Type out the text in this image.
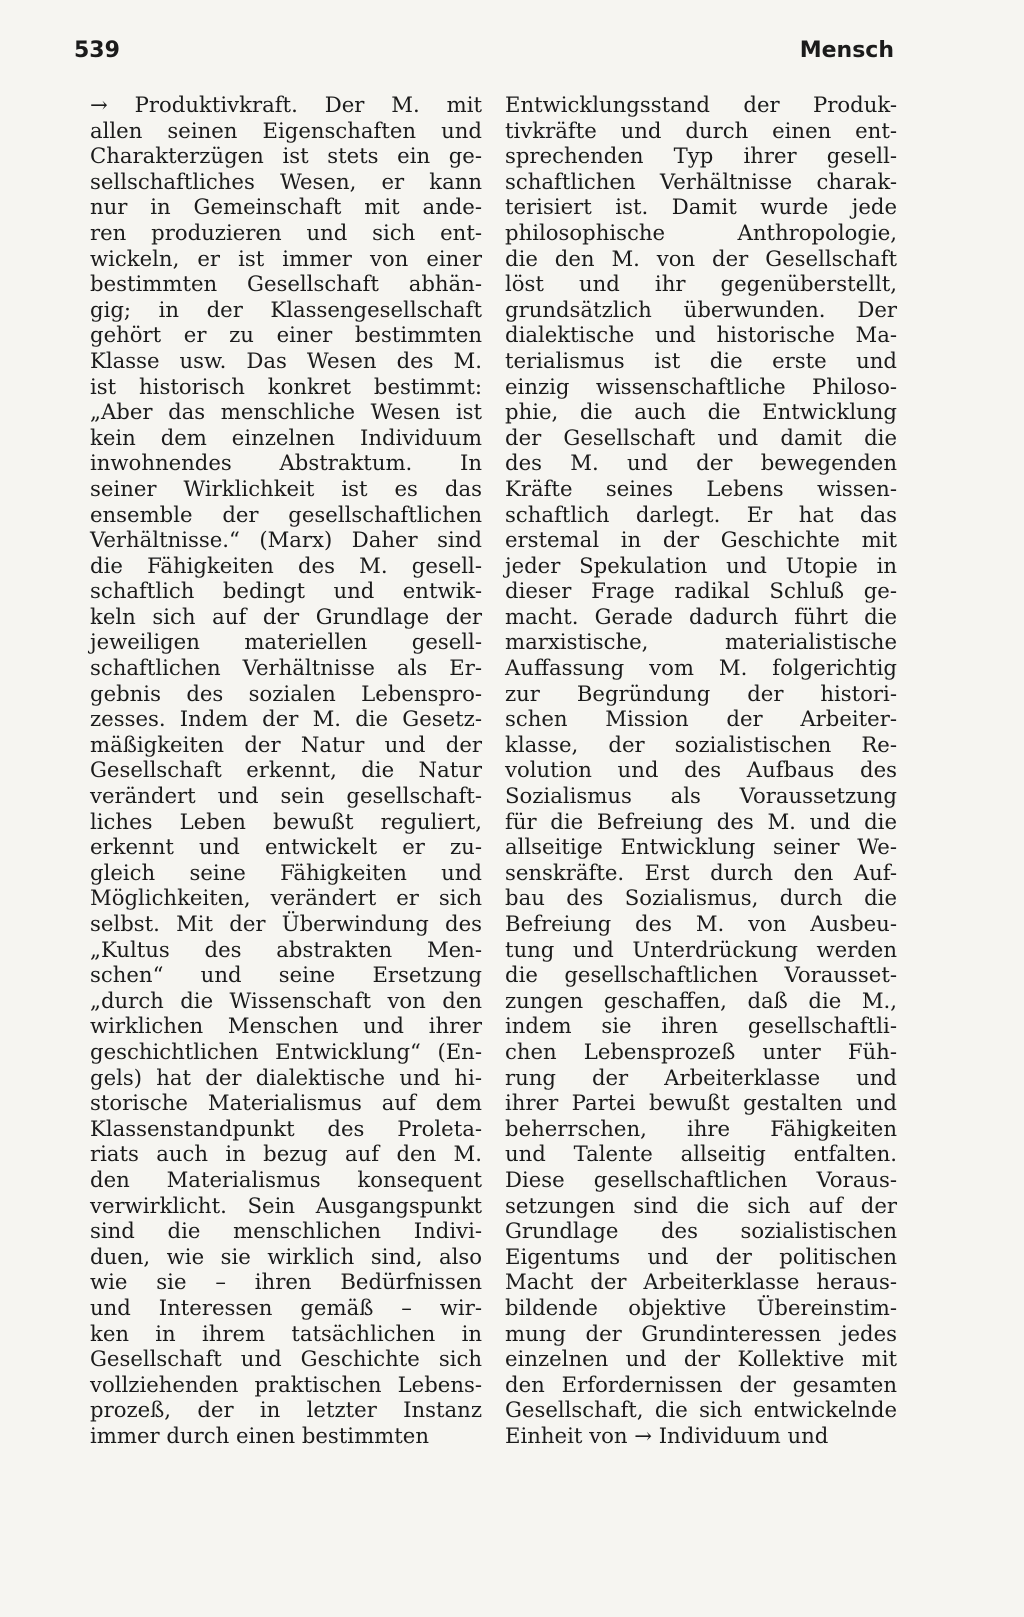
539	Mensch
→ Produktivkraft. Der M. mit
allen seinen Eigenschaften und
Charakterzügen ist stets ein ge-
sellschaftliches Wesen, er kann
nur in Gemeinschaft mit ande-
ren produzieren und sich ent-
wickeln, er ist immer von einer
bestimmten Gesellschaft abhän-
gig; in der Klassengesellschaft
gehört er zu einer bestimmten
Klasse usw. Das Wesen des M.
ist historisch konkret bestimmt:
„Aber das menschliche Wesen ist
kein dem einzelnen Individuum
inwohnendes Abstraktum. In
seiner Wirklichkeit ist es das
ensemble der gesellschaftlichen
Verhältnisse.“ (Marx) Daher sind
die Fähigkeiten des M. gesell-
schaftlich bedingt und entwik-
keln sich auf der Grundlage der
jeweiligen materiellen gesell-
schaftlichen Verhältnisse als Er-
gebnis des sozialen Lebenspro-
zesses. Indem der M. die Gesetz-
mäßigkeiten der Natur und der
Gesellschaft erkennt, die Natur
verändert und sein gesellschaft-
liches Leben bewußt reguliert,
erkennt und entwickelt er zu-
gleich seine Fähigkeiten und
Möglichkeiten, verändert er sich
selbst. Mit der Überwindung des
„Kultus des abstrakten Men-
schen“ und seine Ersetzung
„durch die Wissenschaft von den
wirklichen Menschen und ihrer
geschichtlichen Entwicklung“ (En-
gels) hat der dialektische und hi-
storische Materialismus auf dem
Klassenstandpunkt des Proleta-
riats auch in bezug auf den M.
den Materialismus konsequent
verwirklicht. Sein Ausgangspunkt
sind die menschlichen Indivi-
duen, wie sie wirklich sind, also
wie sie – ihren Bedürfnissen
und Interessen gemäß – wir-
ken in ihrem tatsächlichen in
Gesellschaft und Geschichte sich
vollziehenden praktischen Lebens-
prozeß, der in letzter Instanz
immer durch einen bestimmten
Entwicklungsstand der Produk-
tivkräfte und durch einen ent-
sprechenden Typ ihrer gesell-
schaftlichen Verhältnisse charak-
terisiert ist. Damit wurde jede
philosophische Anthropologie,
die den M. von der Gesellschaft
löst und ihr gegenüberstellt,
grundsätzlich überwunden. Der
dialektische und historische Ma-
terialismus ist die erste und
einzig wissenschaftliche Philoso-
phie, die auch die Entwicklung
der Gesellschaft und damit die
des M. und der bewegenden
Kräfte seines Lebens wissen-
schaftlich darlegt. Er hat das
erstemal in der Geschichte mit
jeder Spekulation und Utopie in
dieser Frage radikal Schluß ge-
macht. Gerade dadurch führt die
marxistische, materialistische
Auffassung vom M. folgerichtig
zur Begründung der histori-
schen Mission der Arbeiter-
klasse, der sozialistischen Re-
volution und des Aufbaus des
Sozialismus als Voraussetzung
für die Befreiung des M. und die
allseitige Entwicklung seiner We-
senskräfte. Erst durch den Auf-
bau des Sozialismus, durch die
Befreiung des M. von Ausbeu-
tung und Unterdrückung werden
die gesellschaftlichen Vorausset-
zungen geschaffen, daß die M.,
indem sie ihren gesellschaftli-
chen Lebensprozeß unter Füh-
rung der Arbeiterklasse und
ihrer Partei bewußt gestalten und
beherrschen, ihre Fähigkeiten
und Talente allseitig entfalten.
Diese gesellschaftlichen Voraus-
setzungen sind die sich auf der
Grundlage des sozialistischen
Eigentums und der politischen
Macht der Arbeiterklasse heraus-
bildende objektive Übereinstim-
mung der Grundinteressen jedes
einzelnen und der Kollektive mit
den Erfordernissen der gesamten
Gesellschaft, die sich entwickelnde
Einheit von → Individuum und
